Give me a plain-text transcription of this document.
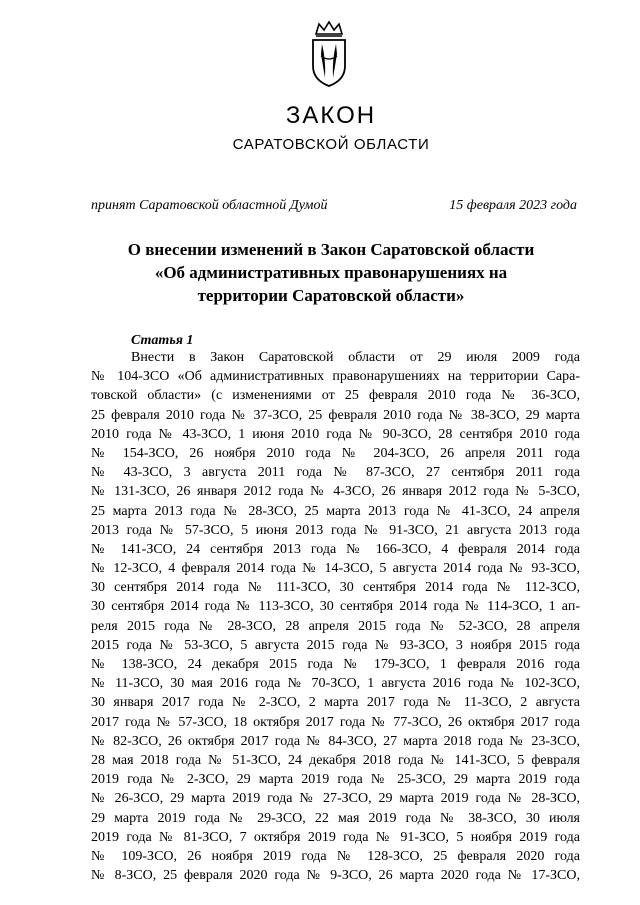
ЗАКОН
САРАТОВСКОЙ ОБЛАСТИ
принят Саратовской областной Думой	15 февраля 2023 года
О внесении изменений в Закон Саратовской области
«Об административных правонарушениях на
территории Саратовской области»
Статья 1
Внести в Закон Саратовской области от 29 июля 2009 года
№ 104-ЗСО «Об административных правонарушениях на территории Сара-
товской области» (с изменениями от 25 февраля 2010 года № 36-ЗСО,
25 февраля 2010 года № 37-ЗСО, 25 февраля 2010 года № 38-ЗСО, 29 марта
2010 года № 43-ЗСО, 1 июня 2010 года № 90-ЗСО, 28 сентября 2010 года
№ 154-ЗСО, 26 ноября 2010 года № 204-ЗСО, 26 апреля 2011 года
№ 43-ЗСО, 3 августа 2011 года № 87-ЗСО, 27 сентября 2011 года
№ 131-ЗСО, 26 января 2012 года № 4-ЗСО, 26 января 2012 года № 5-ЗСО,
25 марта 2013 года № 28-ЗСО, 25 марта 2013 года № 41-ЗСО, 24 апреля
2013 года № 57-ЗСО, 5 июня 2013 года № 91-ЗСО, 21 августа 2013 года
№ 141-ЗСО, 24 сентября 2013 года № 166-ЗСО, 4 февраля 2014 года
№ 12-ЗСО, 4 февраля 2014 года № 14-ЗСО, 5 августа 2014 года № 93-ЗСО,
30 сентября 2014 года № 111-ЗСО, 30 сентября 2014 года № 112-ЗСО,
30 сентября 2014 года № 113-ЗСО, 30 сентября 2014 года № 114-ЗСО, 1 ап-
реля 2015 года № 28-ЗСО, 28 апреля 2015 года № 52-ЗСО, 28 апреля
2015 года № 53-ЗСО, 5 августа 2015 года № 93-ЗСО, 3 ноября 2015 года
№ 138-ЗСО, 24 декабря 2015 года № 179-ЗСО, 1 февраля 2016 года
№ 11-ЗСО, 30 мая 2016 года № 70-ЗСО, 1 августа 2016 года № 102-ЗСО,
30 января 2017 года № 2-ЗСО, 2 марта 2017 года № 11-ЗСО, 2 августа
2017 года № 57-ЗСО, 18 октября 2017 года № 77-ЗСО, 26 октября 2017 года
№ 82-ЗСО, 26 октября 2017 года № 84-ЗСО, 27 марта 2018 года № 23-ЗСО,
28 мая 2018 года № 51-ЗСО, 24 декабря 2018 года № 141-ЗСО, 5 февраля
2019 года № 2-ЗСО, 29 марта 2019 года № 25-ЗСО, 29 марта 2019 года
№ 26-ЗСО, 29 марта 2019 года № 27-ЗСО, 29 марта 2019 года № 28-ЗСО,
29 марта 2019 года № 29-ЗСО, 22 мая 2019 года № 38-ЗСО, 30 июля
2019 года № 81-ЗСО, 7 октября 2019 года № 91-ЗСО, 5 ноября 2019 года
№ 109-ЗСО, 26 ноября 2019 года № 128-ЗСО, 25 февраля 2020 года
№ 8-ЗСО, 25 февраля 2020 года № 9-ЗСО, 26 марта 2020 года № 17-ЗСО,
